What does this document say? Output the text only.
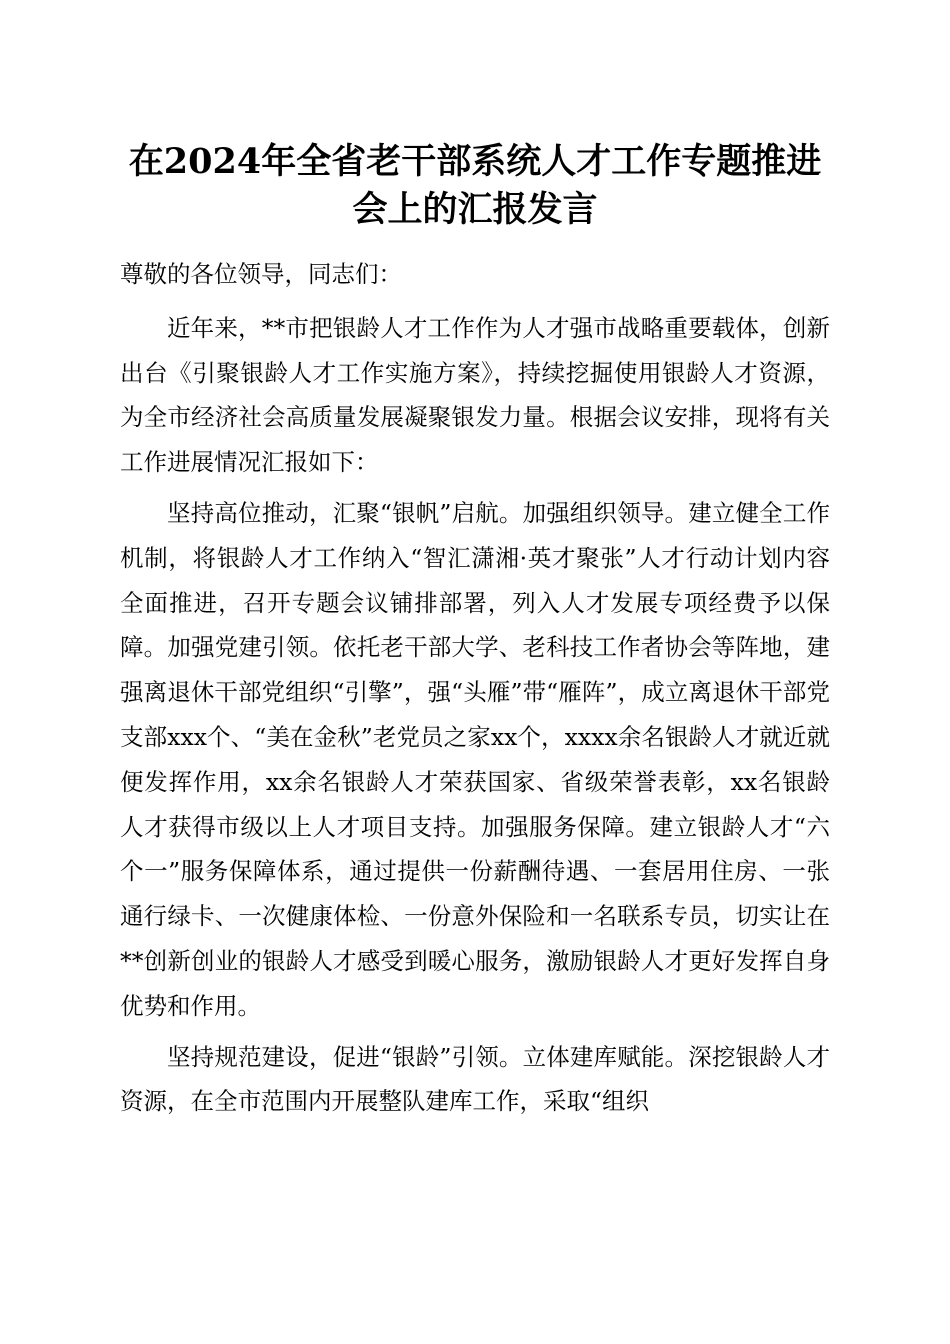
在2024年全省老干部系统人才工作专题推进
会上的汇报发言

尊敬的各位领导，同志们：

近年来，**市把银龄人才工作作为人才强市战略重要载体，创新出台《引聚银龄人才工作实施方案》，持续挖掘使用银龄人才资源，为全市经济社会高质量发展凝聚银发力量。根据会议安排，现将有关工作进展情况汇报如下：

坚持高位推动，汇聚“银帆”启航。加强组织领导。建立健全工作机制，将银龄人才工作纳入“智汇潇湘·英才聚张”人才行动计划内容全面推进，召开专题会议铺排部署，列入人才发展专项经费予以保障。加强党建引领。依托老干部大学、老科技工作者协会等阵地，建强离退休干部党组织“引擎”，强“头雁”带“雁阵”，成立离退休干部党支部xxx个、“美在金秋”老党员之家xx个，xxxx余名银龄人才就近就便发挥作用，xx余名银龄人才荣获国家、省级荣誉表彰，xx名银龄人才获得市级以上人才项目支持。加强服务保障。建立银龄人才“六个一”服务保障体系，通过提供一份薪酬待遇、一套居用住房、一张通行绿卡、一次健康体检、一份意外保险和一名联系专员，切实让在**创新创业的银龄人才感受到暖心服务，激励银龄人才更好发挥自身优势和作用。

坚持规范建设，促进“银龄”引领。立体建库赋能。深挖银龄人才资源，在全市范围内开展整队建库工作，采取“组织
